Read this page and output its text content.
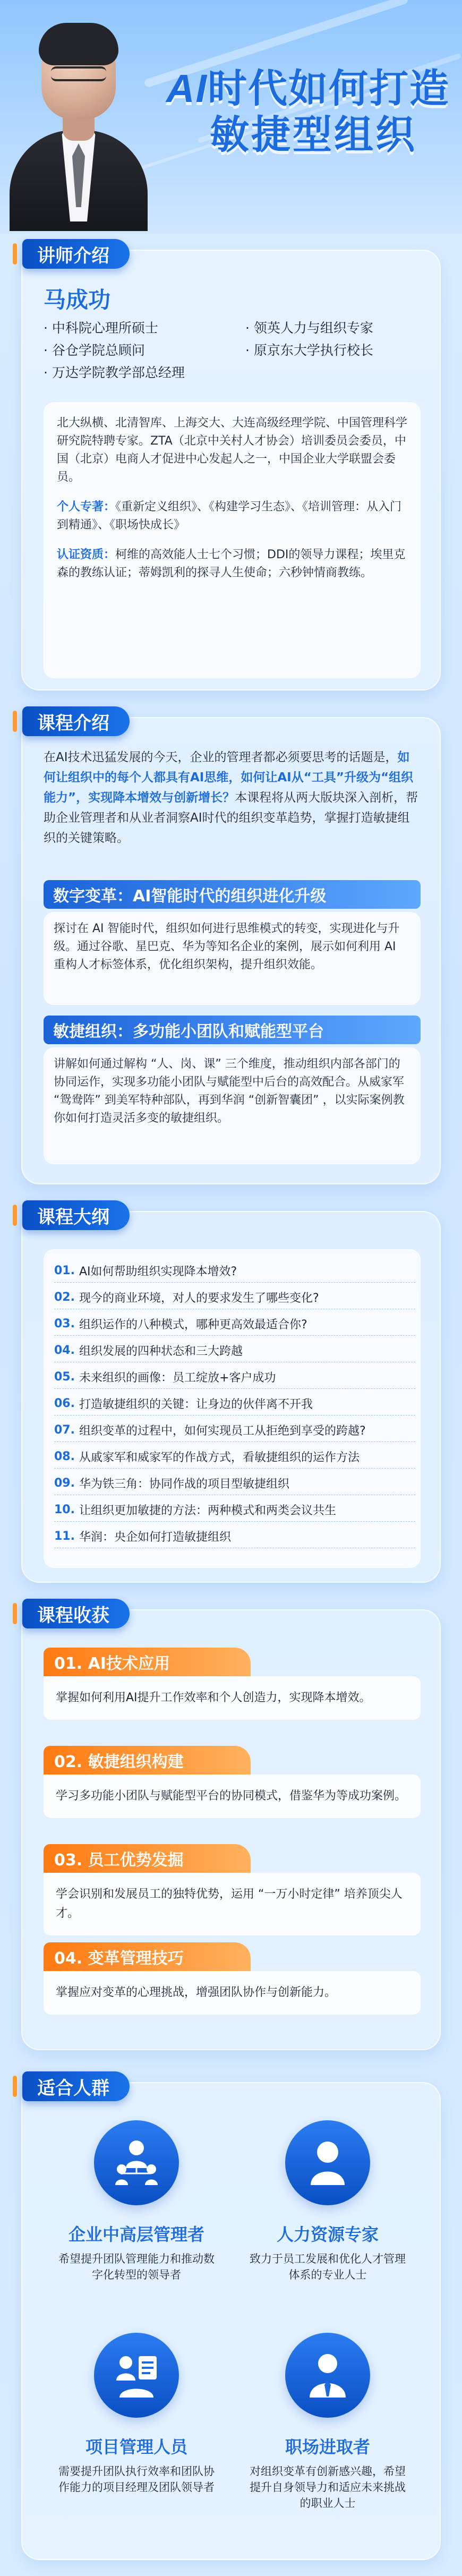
AI时代如何打造
敏捷型组织
讲师介绍
马成功
· 中科院心理所硕士	· 领英人力与组织专家
· 谷仓学院总顾问	· 原京东大学执行校长
· 万达学院教学部总经理

北大纵横、北清智库、上海交大、大连高级经理学院、中国管理科学研究院特聘专家。ZTA（北京中关村人才协会）培训委员会委员，中国（北京）电商人才促进中心发起人之一，中国企业大学联盟会委员。

个人专著：《重新定义组织》、《构建学习生态》、《培训管理：从入门到精通》、《职场快成长》

认证资质：柯维的高效能人士七个习惯；DDI的领导力课程；埃里克森的教练认证；蒂姆凯利的探寻人生使命；六秒钟情商教练。

课程介绍

在AI技术迅猛发展的今天，企业的管理者都必须要思考的话题是，如何让组织中的每个人都具有AI思维，如何让AI从“工具”升级为“组织能力”，实现降本增效与创新增长？本课程将从两大版块深入剖析，帮助企业管理者和从业者洞察AI时代的组织变革趋势，掌握打造敏捷组织的关键策略。

数字变革：AI智能时代的组织进化升级

探讨在 AI 智能时代，组织如何进行思维模式的转变，实现进化与升级。通过谷歌、星巴克、华为等知名企业的案例，展示如何利用 AI 重构人才标签体系，优化组织架构，提升组织效能。

敏捷组织：多功能小团队和赋能型平台

讲解如何通过解构 “人、岗、课” 三个维度，推动组织内部各部门的协同运作，实现多功能小团队与赋能型中后台的高效配合。从威家军 “鸳鸯阵” 到美军特种部队，再到华润 “创新智囊团” ，以实际案例教你如何打造灵活多变的敏捷组织。

课程大纲
01. AI如何帮助组织实现降本增效?
02. 现今的商业环境，对人的要求发生了哪些变化?
03. 组织运作的八种模式，哪种更高效最适合你?
04. 组织发展的四种状态和三大跨越
05. 未来组织的画像：员工绽放+客户成功
06. 打造敏捷组织的关键：让身边的伙伴离不开我
07. 组织变革的过程中，如何实现员工从拒绝到享受的跨越?
08. 从戚家军和威家军的作战方式，看敏捷组织的运作方法
09. 华为铁三角：协同作战的项目型敏捷组织
10. 让组织更加敏捷的方法：两种模式和两类会议共生
11. 华润：央企如何打造敏捷组织
课程收获
01. AI技术应用
掌握如何利用AI提升工作效率和个人创造力，实现降本增效。
02. 敏捷组织构建
学习多功能小团队与赋能型平台的协同模式，借鉴华为等成功案例。
03. 员工优势发掘
学会识别和发展员工的独特优势，运用 “一万小时定律” 培养顶尖人才。
04. 变革管理技巧
掌握应对变革的心理挑战，增强团队协作与创新能力。
适合人群
企业中高层管理者
希望提升团队管理能力和推动数字化转型的领导者
人力资源专家
致力于员工发展和优化人才管理体系的专业人士
项目管理人员
需要提升团队执行效率和团队协作能力的项目经理及团队领导者
职场进取者
对组织变革有创新感兴趣，希望提升自身领导力和适应未来挑战的职业人士
